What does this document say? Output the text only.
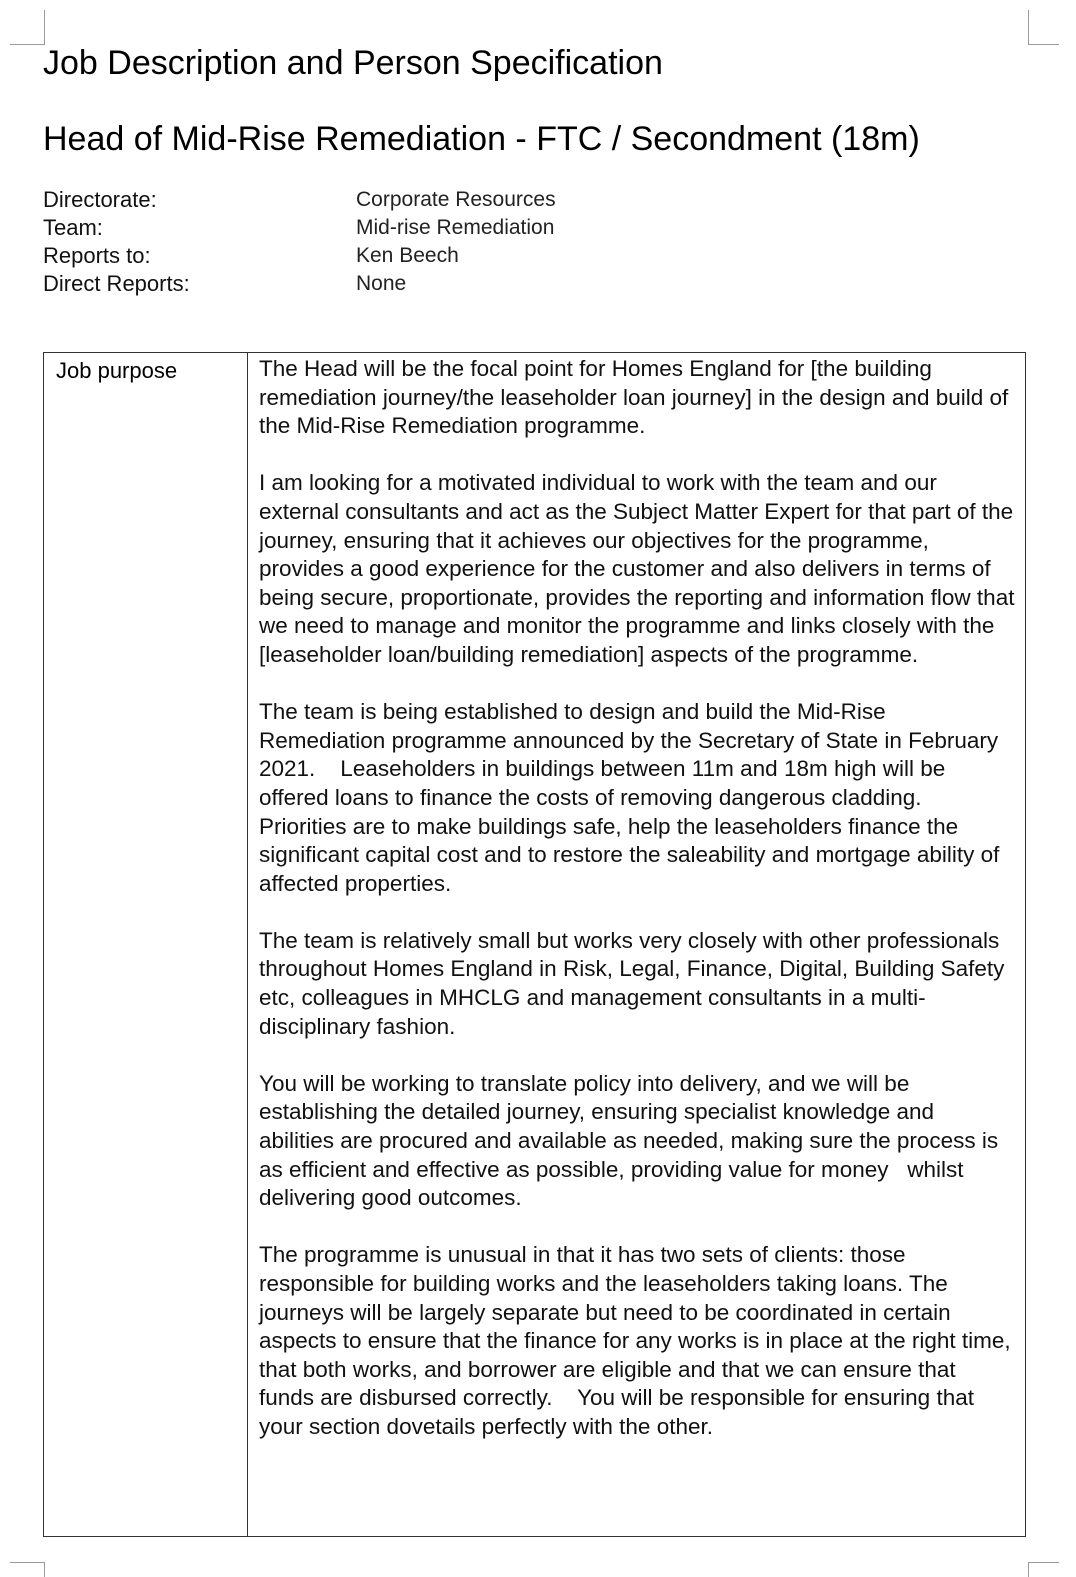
Job Description and Person Specification
Head of Mid-Rise Remediation - FTC / Secondment (18m)
Directorate:	Corporate Resources
Team:	Mid-rise Remediation
Reports to:	Ken Beech
Direct Reports:	None
Job purpose	The Head will be the focal point for Homes England for [the building remediation journey/the leaseholder loan journey] in the design and build of the Mid-Rise Remediation programme.

I am looking for a motivated individual to work with the team and our external consultants and act as the Subject Matter Expert for that part of the journey, ensuring that it achieves our objectives for the programme, provides a good experience for the customer and also delivers in terms of being secure, proportionate, provides the reporting and information flow that we need to manage and monitor the programme and links closely with the [leaseholder loan/building remediation] aspects of the programme.

The team is being established to design and build the Mid-Rise Remediation programme announced by the Secretary of State in February 2021.    Leaseholders in buildings between 11m and 18m high will be offered loans to finance the costs of removing dangerous cladding.   Priorities are to make buildings safe, help the leaseholders finance the significant capital cost and to restore the saleability and mortgage ability of affected properties.

The team is relatively small but works very closely with other professionals throughout Homes England in Risk, Legal, Finance, Digital, Building Safety etc, colleagues in MHCLG and management consultants in a multi-disciplinary fashion.

You will be working to translate policy into delivery, and we will be establishing the detailed journey, ensuring specialist knowledge and abilities are procured and available as needed, making sure the process is as efficient and effective as possible, providing value for money   whilst delivering good outcomes.

The programme is unusual in that it has two sets of clients: those responsible for building works and the leaseholders taking loans. The journeys will be largely separate but need to be coordinated in certain aspects to ensure that the finance for any works is in place at the right time, that both works, and borrower are eligible and that we can ensure that funds are disbursed correctly.    You will be responsible for ensuring that your section dovetails perfectly with the other.
